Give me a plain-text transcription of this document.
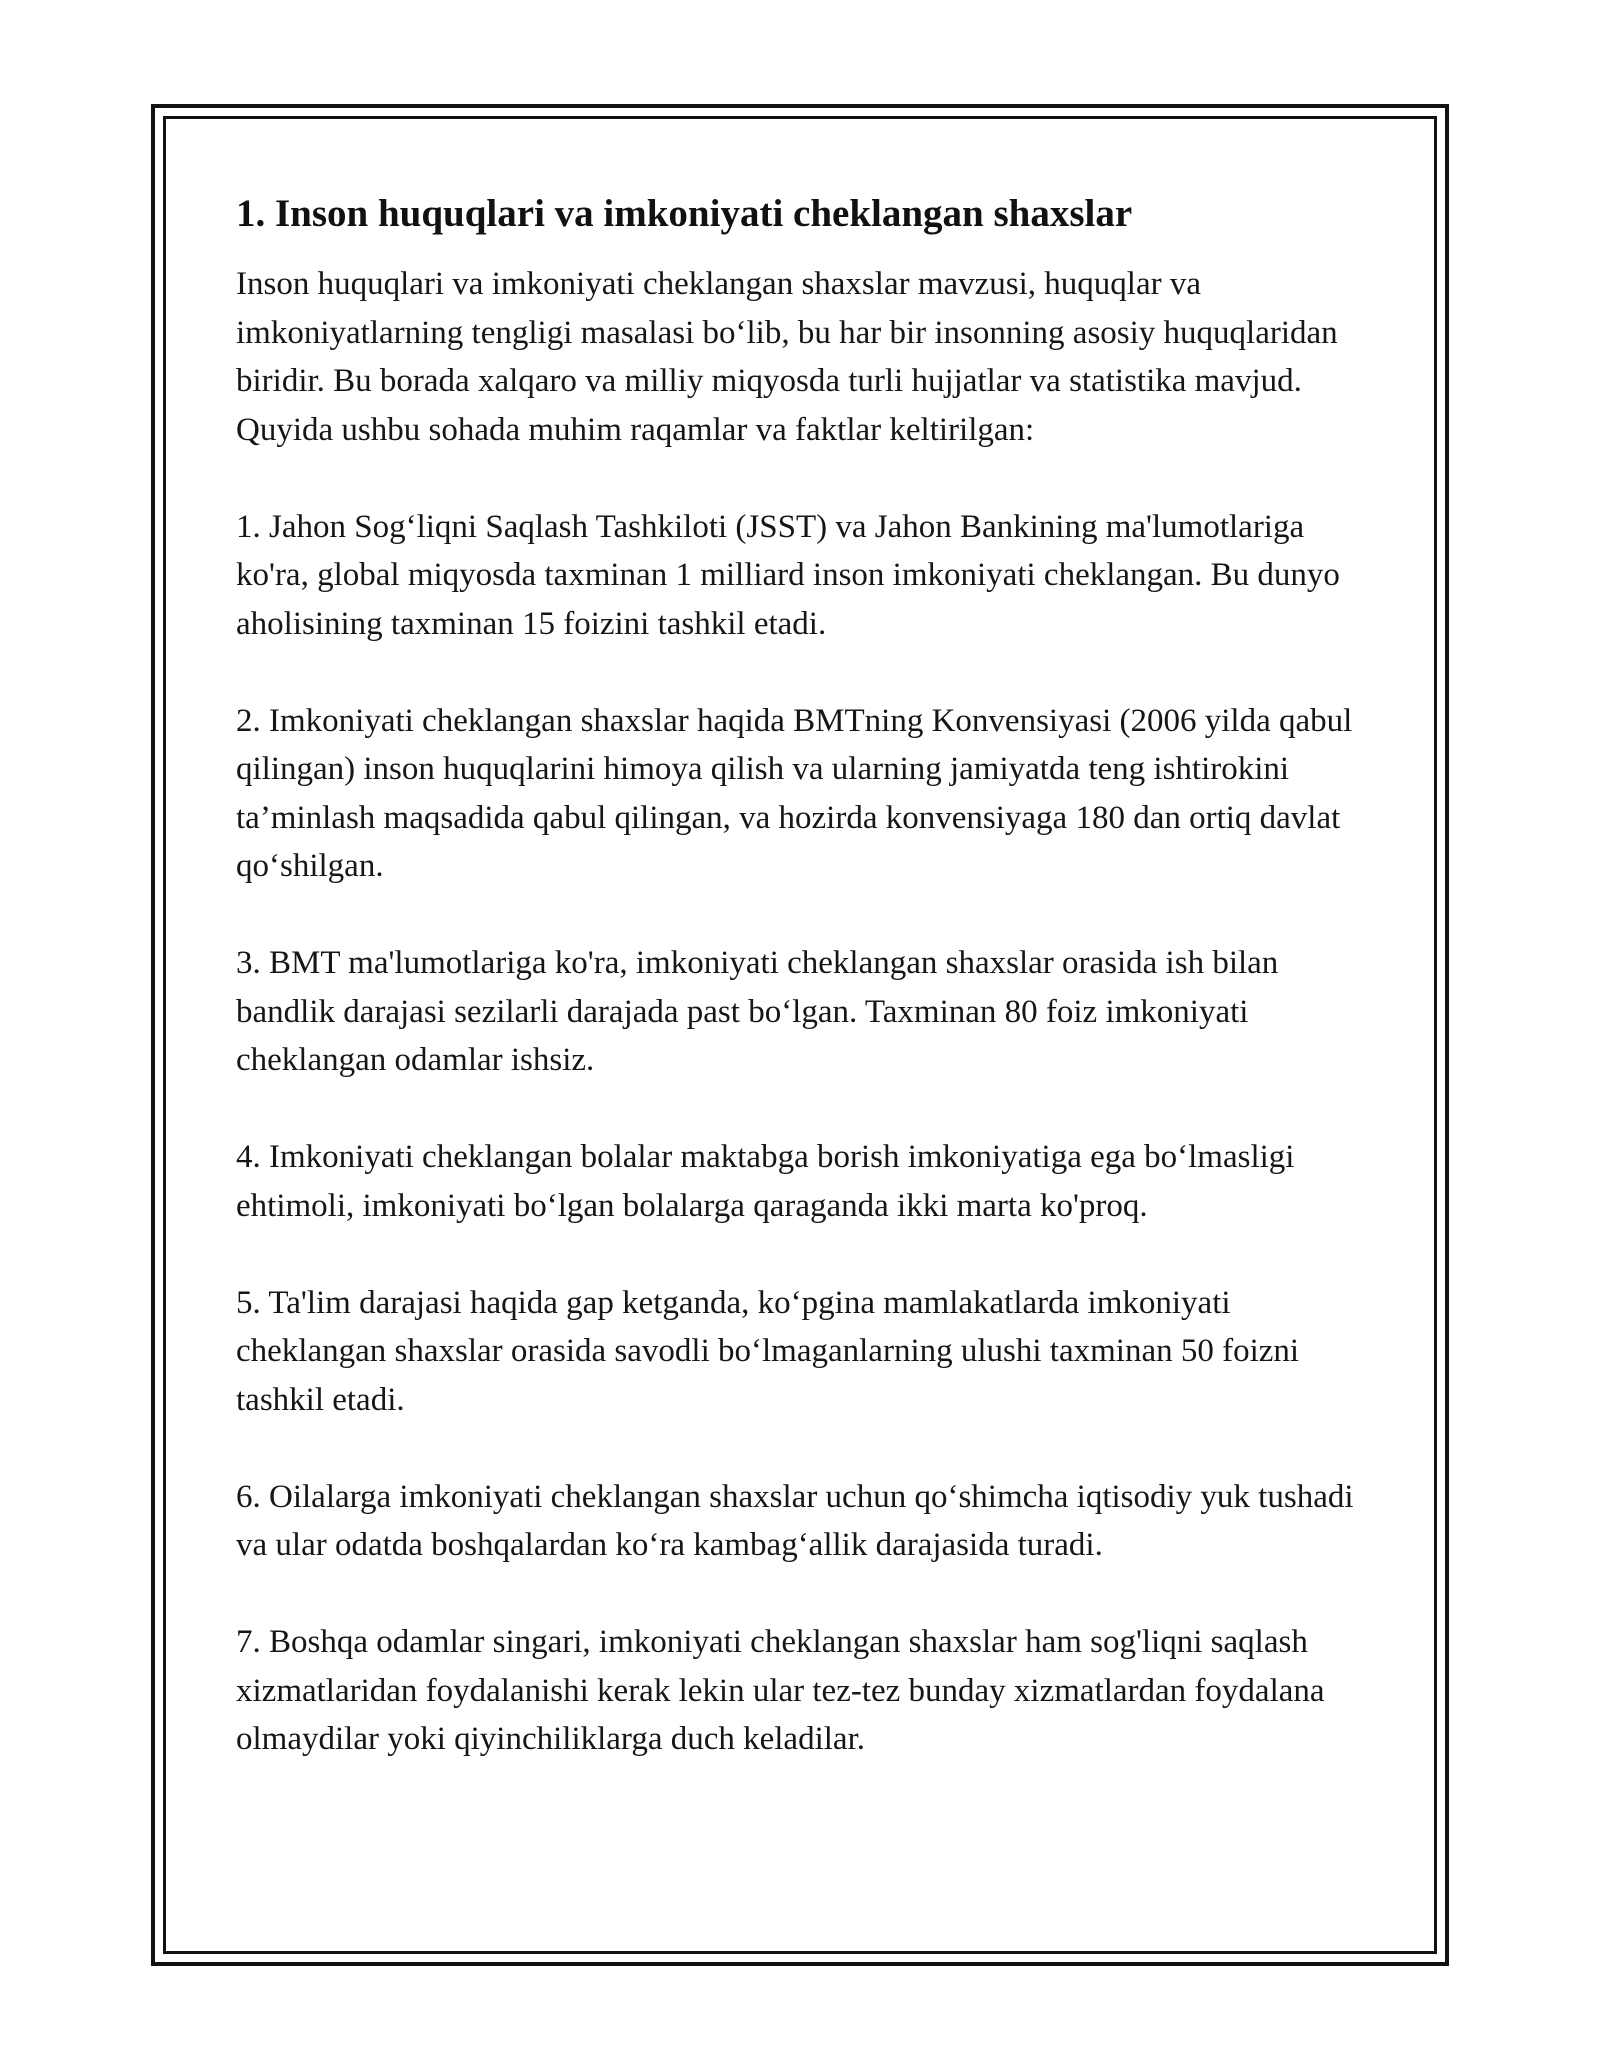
1. Inson huquqlari va imkoniyati cheklangan shaxslar

Inson huquqlari va imkoniyati cheklangan shaxslar mavzusi, huquqlar va imkoniyatlarning tengligi masalasi bo‘lib, bu har bir insonning asosiy huquqlaridan biridir. Bu borada xalqaro va milliy miqyosda turli hujjatlar va statistika mavjud. Quyida ushbu sohada muhim raqamlar va faktlar keltirilgan:

1. Jahon Sog‘liqni Saqlash Tashkiloti (JSST) va Jahon Bankining ma'lumotlariga ko'ra, global miqyosda taxminan 1 milliard inson imkoniyati cheklangan. Bu dunyo aholisining taxminan 15 foizini tashkil etadi.

2. Imkoniyati cheklangan shaxslar haqida BMTning Konvensiyasi (2006 yilda qabul qilingan) inson huquqlarini himoya qilish va ularning jamiyatda teng ishtirokini ta’minlash maqsadida qabul qilingan, va hozirda konvensiyaga 180 dan ortiq davlat qo‘shilgan.

3. BMT ma'lumotlariga ko'ra, imkoniyati cheklangan shaxslar orasida ish bilan bandlik darajasi sezilarli darajada past bo‘lgan. Taxminan 80 foiz imkoniyati cheklangan odamlar ishsiz.

4. Imkoniyati cheklangan bolalar maktabga borish imkoniyatiga ega bo‘lmasligi ehtimoli, imkoniyati bo‘lgan bolalarga qaraganda ikki marta ko'proq.

5. Ta'lim darajasi haqida gap ketganda, ko‘pgina mamlakatlarda imkoniyati cheklangan shaxslar orasida savodli bo‘lmaganlarning ulushi taxminan 50 foizni tashkil etadi.

6. Oilalarga imkoniyati cheklangan shaxslar uchun qo‘shimcha iqtisodiy yuk tushadi va ular odatda boshqalardan ko‘ra kambag‘allik darajasida turadi.

7. Boshqa odamlar singari, imkoniyati cheklangan shaxslar ham sog'liqni saqlash xizmatlaridan foydalanishi kerak lekin ular tez-tez bunday xizmatlardan foydalana olmaydilar yoki qiyinchiliklarga duch keladilar.
